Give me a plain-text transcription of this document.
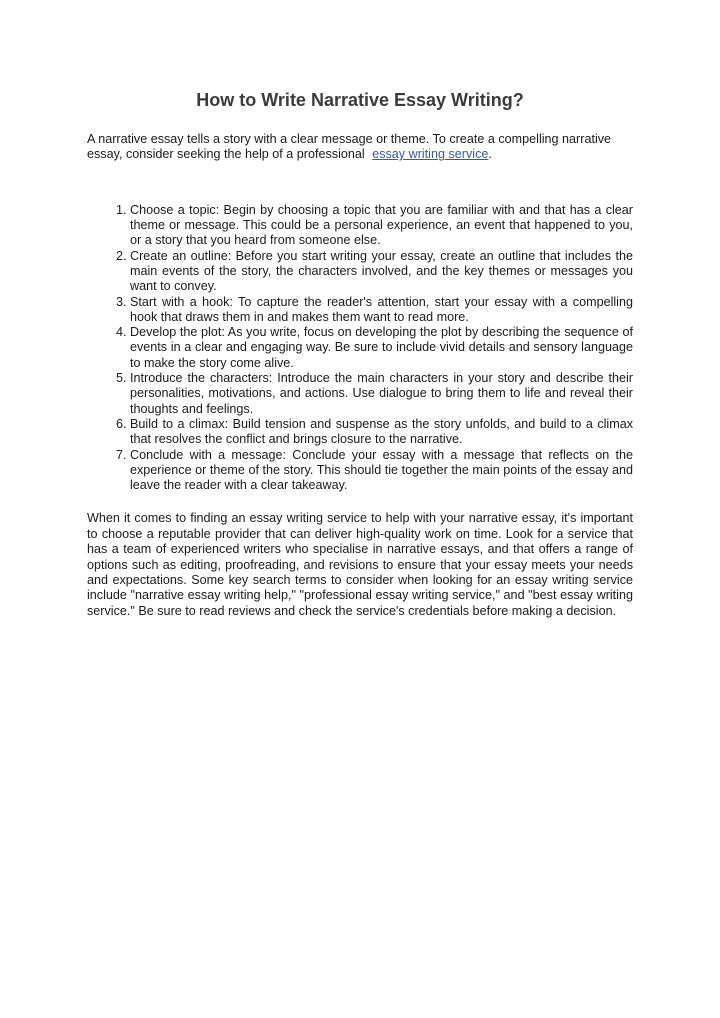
How to Write Narrative Essay Writing?

A narrative essay tells a story with a clear message or theme. To create a compelling narrative essay, consider seeking the help of a professional essay writing service.

1. Choose a topic: Begin by choosing a topic that you are familiar with and that has a clear theme or message. This could be a personal experience, an event that happened to you, or a story that you heard from someone else.
2. Create an outline: Before you start writing your essay, create an outline that includes the main events of the story, the characters involved, and the key themes or messages you want to convey.
3. Start with a hook: To capture the reader's attention, start your essay with a compelling hook that draws them in and makes them want to read more.
4. Develop the plot: As you write, focus on developing the plot by describing the sequence of events in a clear and engaging way. Be sure to include vivid details and sensory language to make the story come alive.
5. Introduce the characters: Introduce the main characters in your story and describe their personalities, motivations, and actions. Use dialogue to bring them to life and reveal their thoughts and feelings.
6. Build to a climax: Build tension and suspense as the story unfolds, and build to a climax that resolves the conflict and brings closure to the narrative.
7. Conclude with a message: Conclude your essay with a message that reflects on the experience or theme of the story. This should tie together the main points of the essay and leave the reader with a clear takeaway.

When it comes to finding an essay writing service to help with your narrative essay, it's important to choose a reputable provider that can deliver high-quality work on time. Look for a service that has a team of experienced writers who specialise in narrative essays, and that offers a range of options such as editing, proofreading, and revisions to ensure that your essay meets your needs and expectations. Some key search terms to consider when looking for an essay writing service include "narrative essay writing help," "professional essay writing service," and "best essay writing service." Be sure to read reviews and check the service's credentials before making a decision.
